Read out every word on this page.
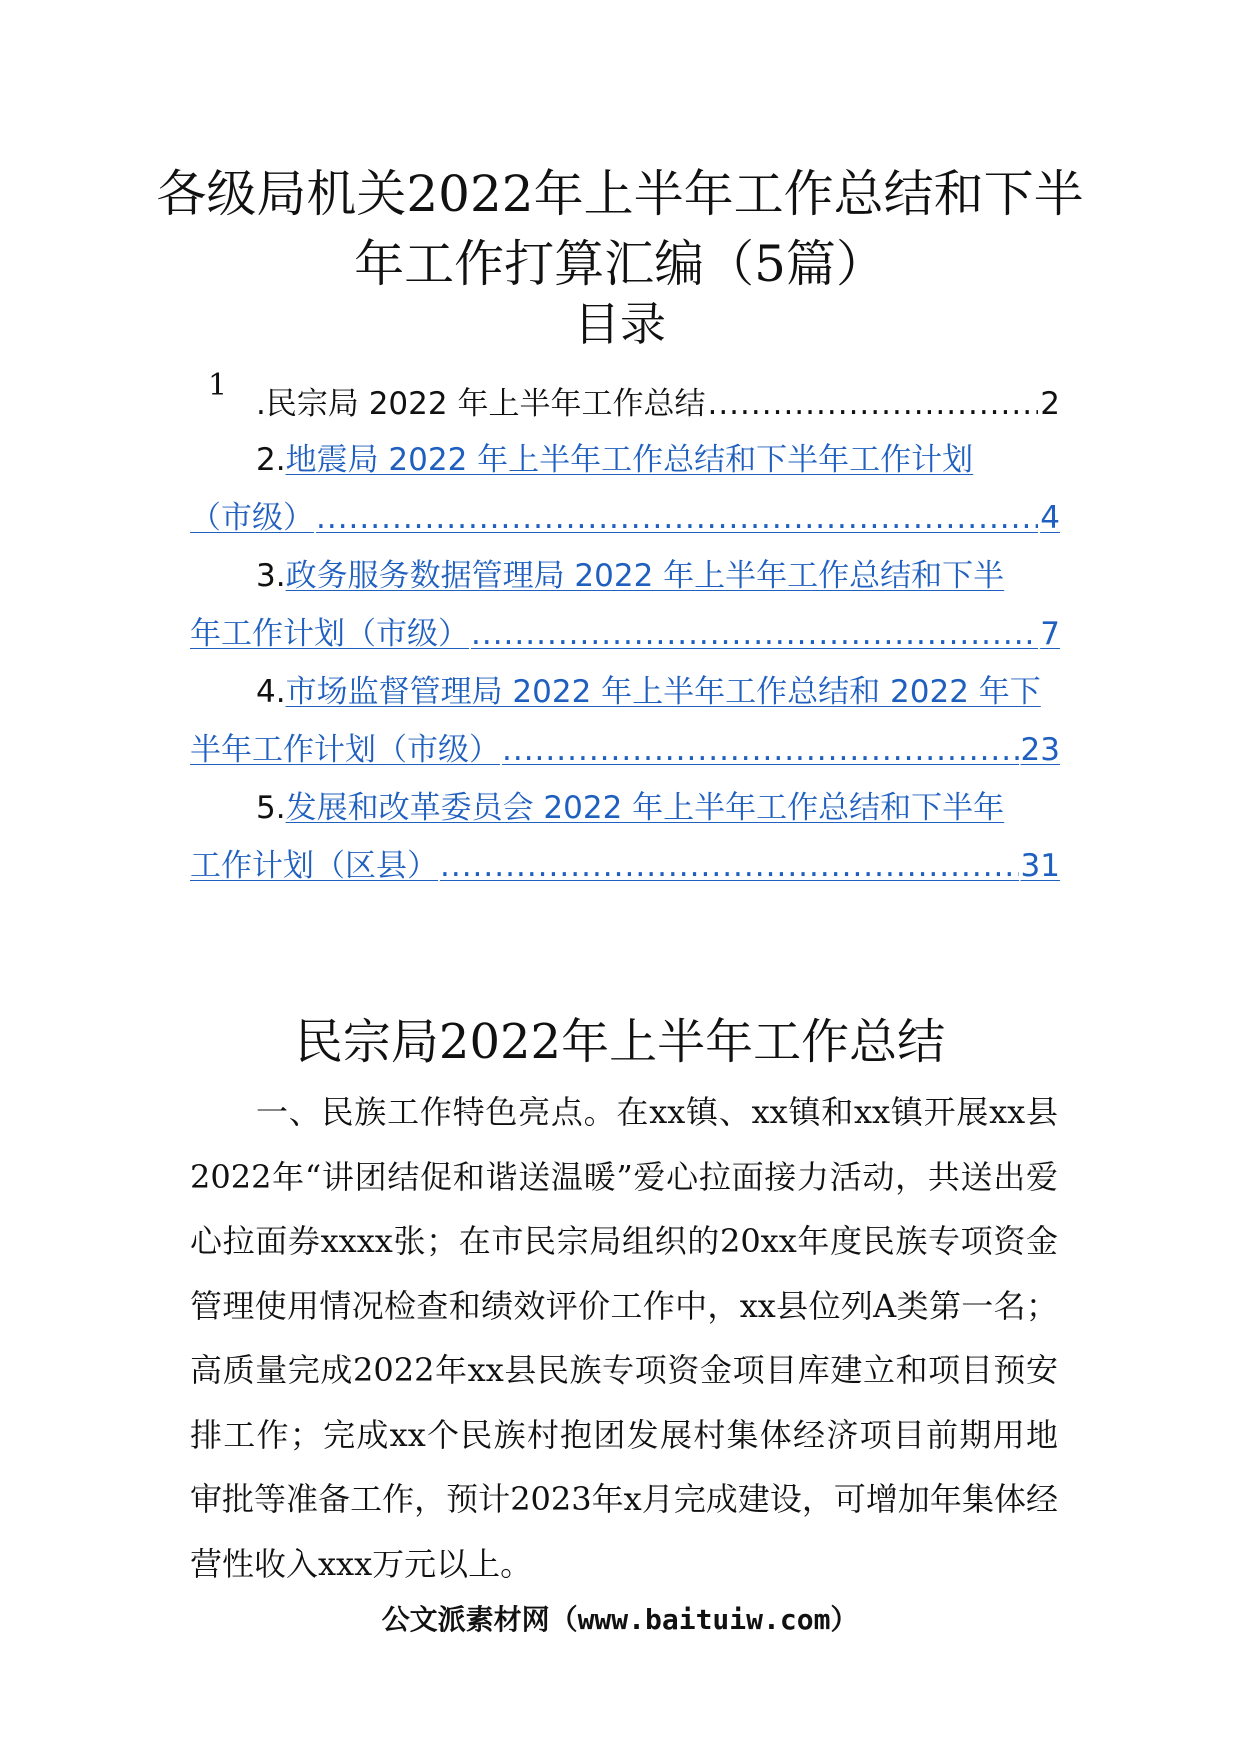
各级局机关2022年上半年工作总结和下半
年工作打算汇编（5篇）
目录
1
.民宗局 2022 年上半年工作总结 .....	2
2. 地震局 2022 年上半年工作总结和下半年工作计划
（市级） .....	4
3. 政务服务数据管理局 2022 年上半年工作总结和下半
年工作计划（市级） .....	7
4. 市场监督管理局 2022 年上半年工作总结和 2022 年下
半年工作计划（市级） .....	23
5. 发展和改革委员会 2022 年上半年工作总结和下半年
工作计划（区县） .....	31
民宗局2022年上半年工作总结

一、民族工作特色亮点。在xx镇、xx镇和xx镇开展xx县2022年“讲团结促和谐送温暖”爱心拉面接力活动，共送出爱心拉面券xxxx张；在市民宗局组织的20xx年度民族专项资金管理使用情况检查和绩效评价工作中，xx县位列A类第一名；高质量完成2022年xx县民族专项资金项目库建立和项目预安排工作；完成xx个民族村抱团发展村集体经济项目前期用地审批等准备工作，预计2023年x月完成建设，可增加年集体经营性收入xxx万元以上。

公文派素材网（www.baituiw.com）
